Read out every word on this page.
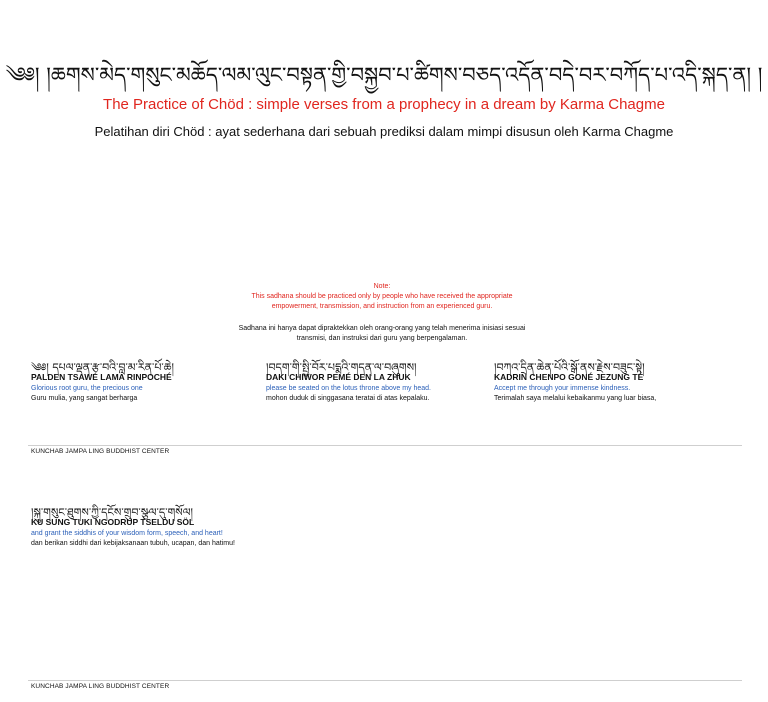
༄༅། །ཆགས་མེད་གསུང་མཆོད་ལམ་ལུང་བསྟན་གྱི་བསྐྱབ་པ་ཚིགས་བཅད་འདོན་བདེ་བར་བཀོད་པ་འདི་སྐད་ན། །
The Practice of Chöd : simple verses from a prophecy in a dream by Karma Chagme
Pelatihan diri Chöd : ayat sederhana dari sebuah prediksi dalam mimpi disusun oleh Karma Chagme
Note:
This sadhana should be practiced only by people who have received the appropriate
empowerment, transmission, and instruction from an experienced guru.
Sadhana ini hanya dapat dipraktekkan oleh orang-orang yang telah menerima inisiasi sesuai
transmisi, dan instruksi dari guru yang berpengalaman.
༄༅། དཔལ་ལྡན་རྩ་བའི་བླ་མ་རིན་པོ་ཆེ།
PALDEN TSAWÉ LAMA RINPOCHÉ
Glorious root guru, the precious one
Guru mulia, yang sangat berharga
།བདག་གི་སྤྱི་བོར་པདྨའི་གདན་ལ་བཞུགས།
DAKI CHIWOR PEMÉ DEN LA ZHUK
please be seated on the lotus throne above my head.
mohon duduk di singgasana teratai di atas kepalaku.
།བཀའ་དྲིན་ཆེན་པོའི་སྒོ་ནས་རྗེས་བཟུང་སྟེ།
KADRIN CHENPO GONÉ JEZUNG TÉ
Accept me through your immense kindness.
Terimalah saya melalui kebaikanmu yang luar biasa,
KUNCHAB JAMPA LING BUDDHIST CENTER
།སྐུ་གསུང་ཐུགས་ཀྱི་དངོས་གྲུབ་སྩལ་དུ་གསོལ།
KU SUNG TUKI NGODRUP TSELDU SÖL
and grant the siddhis of your wisdom form, speech, and heart!
dan berikan siddhi dari kebijaksanaan tubuh, ucapan, dan hatimu!
KUNCHAB JAMPA LING BUDDHIST CENTER
